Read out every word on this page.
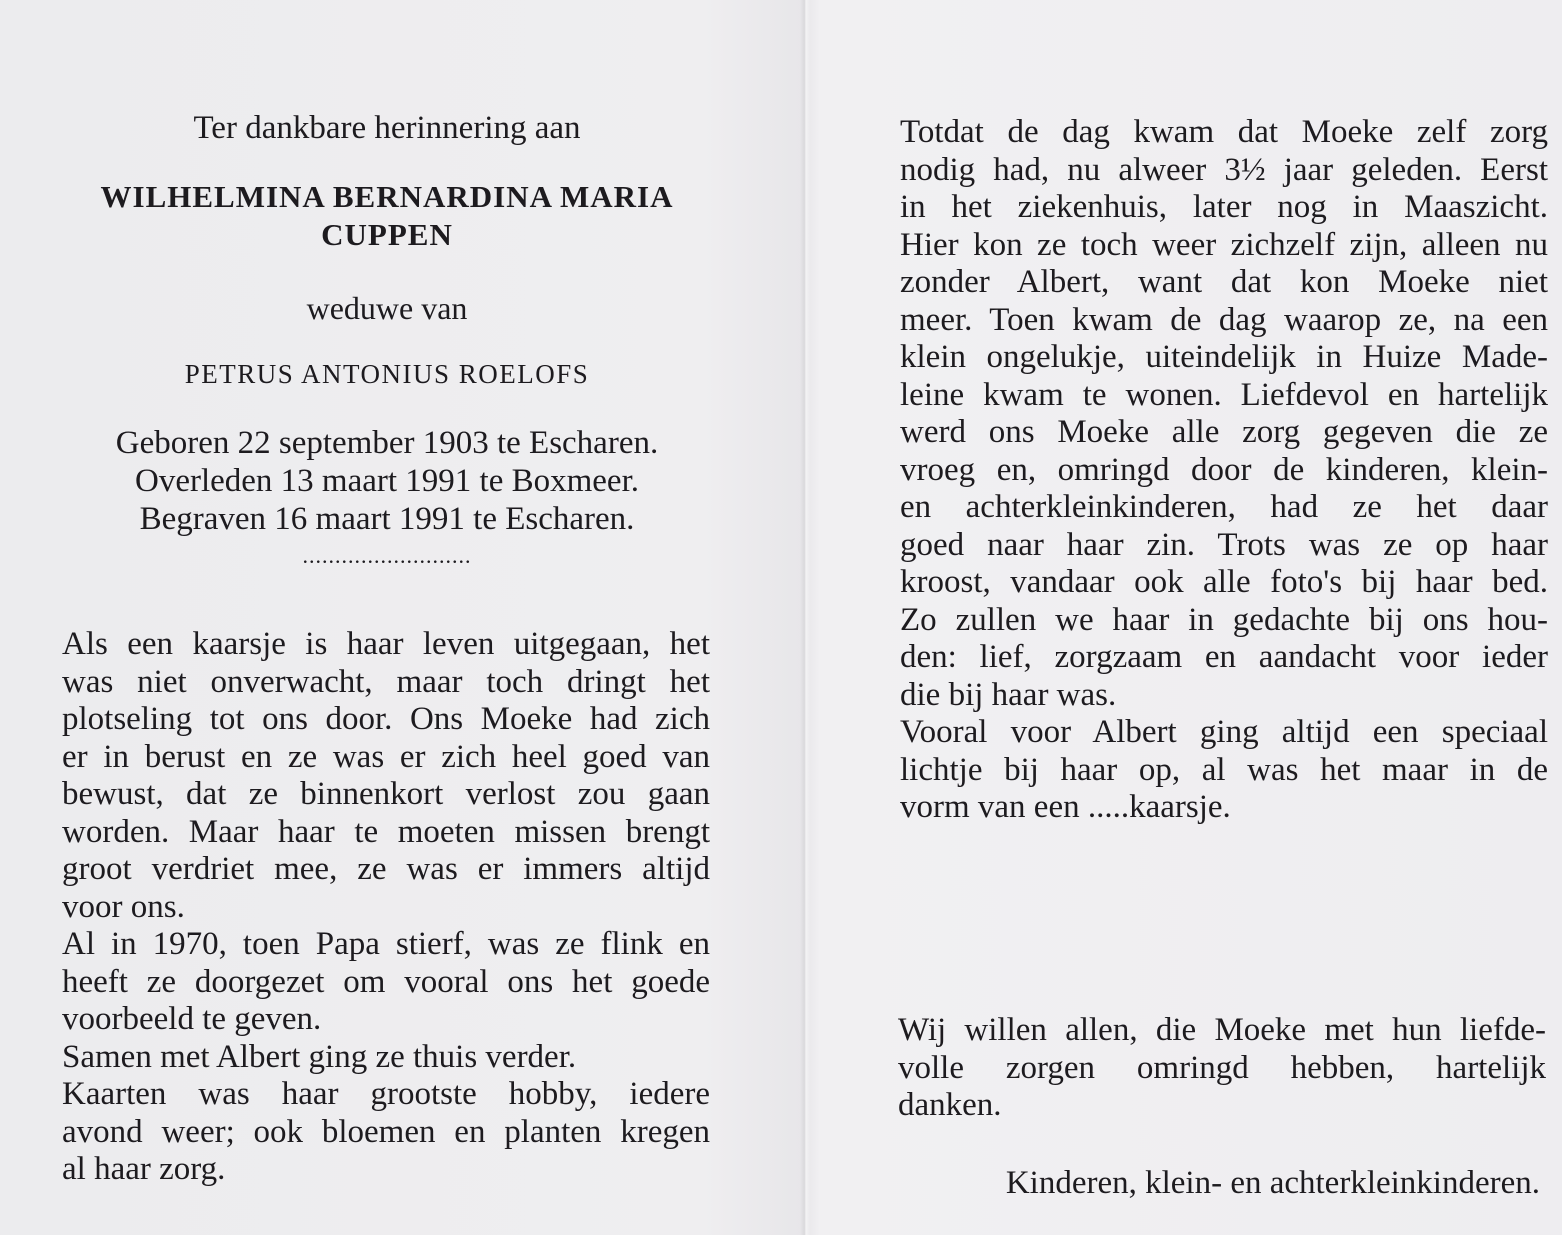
Ter dankbare herinnering aan

WILHELMINA BERNARDINA MARIA
CUPPEN

weduwe van

PETRUS ANTONIUS ROELOFS

Geboren 22 september 1903 te Escharen.
Overleden 13 maart 1991 te Boxmeer.
Begraven 16 maart 1991 te Escharen.
..........................
Als een kaarsje is haar leven uitgegaan, het
was niet onverwacht, maar toch dringt het
plotseling tot ons door. Ons Moeke had zich
er in berust en ze was er zich heel goed van
bewust, dat ze binnenkort verlost zou gaan
worden. Maar haar te moeten missen brengt
groot verdriet mee, ze was er immers altijd
voor ons.
Al in 1970, toen Papa stierf, was ze flink en
heeft ze doorgezet om vooral ons het goede
voorbeeld te geven.
Samen met Albert ging ze thuis verder.
Kaarten was haar grootste hobby, iedere
avond weer; ook bloemen en planten kregen
al haar zorg.
Totdat de dag kwam dat Moeke zelf zorg
nodig had, nu alweer 3½ jaar geleden. Eerst
in het ziekenhuis, later nog in Maaszicht.
Hier kon ze toch weer zichzelf zijn, alleen nu
zonder Albert, want dat kon Moeke niet
meer. Toen kwam de dag waarop ze, na een
klein ongelukje, uiteindelijk in Huize Made-
leine kwam te wonen. Liefdevol en hartelijk
werd ons Moeke alle zorg gegeven die ze
vroeg en, omringd door de kinderen, klein-
en achterkleinkinderen, had ze het daar
goed naar haar zin. Trots was ze op haar
kroost, vandaar ook alle foto's bij haar bed.
Zo zullen we haar in gedachte bij ons hou-
den: lief, zorgzaam en aandacht voor ieder
die bij haar was.
Vooral voor Albert ging altijd een speciaal
lichtje bij haar op, al was het maar in de
vorm van een .....kaarsje.
Wij willen allen, die Moeke met hun liefde-
volle zorgen omringd hebben, hartelijk
danken.
Kinderen, klein- en achterkleinkinderen.
